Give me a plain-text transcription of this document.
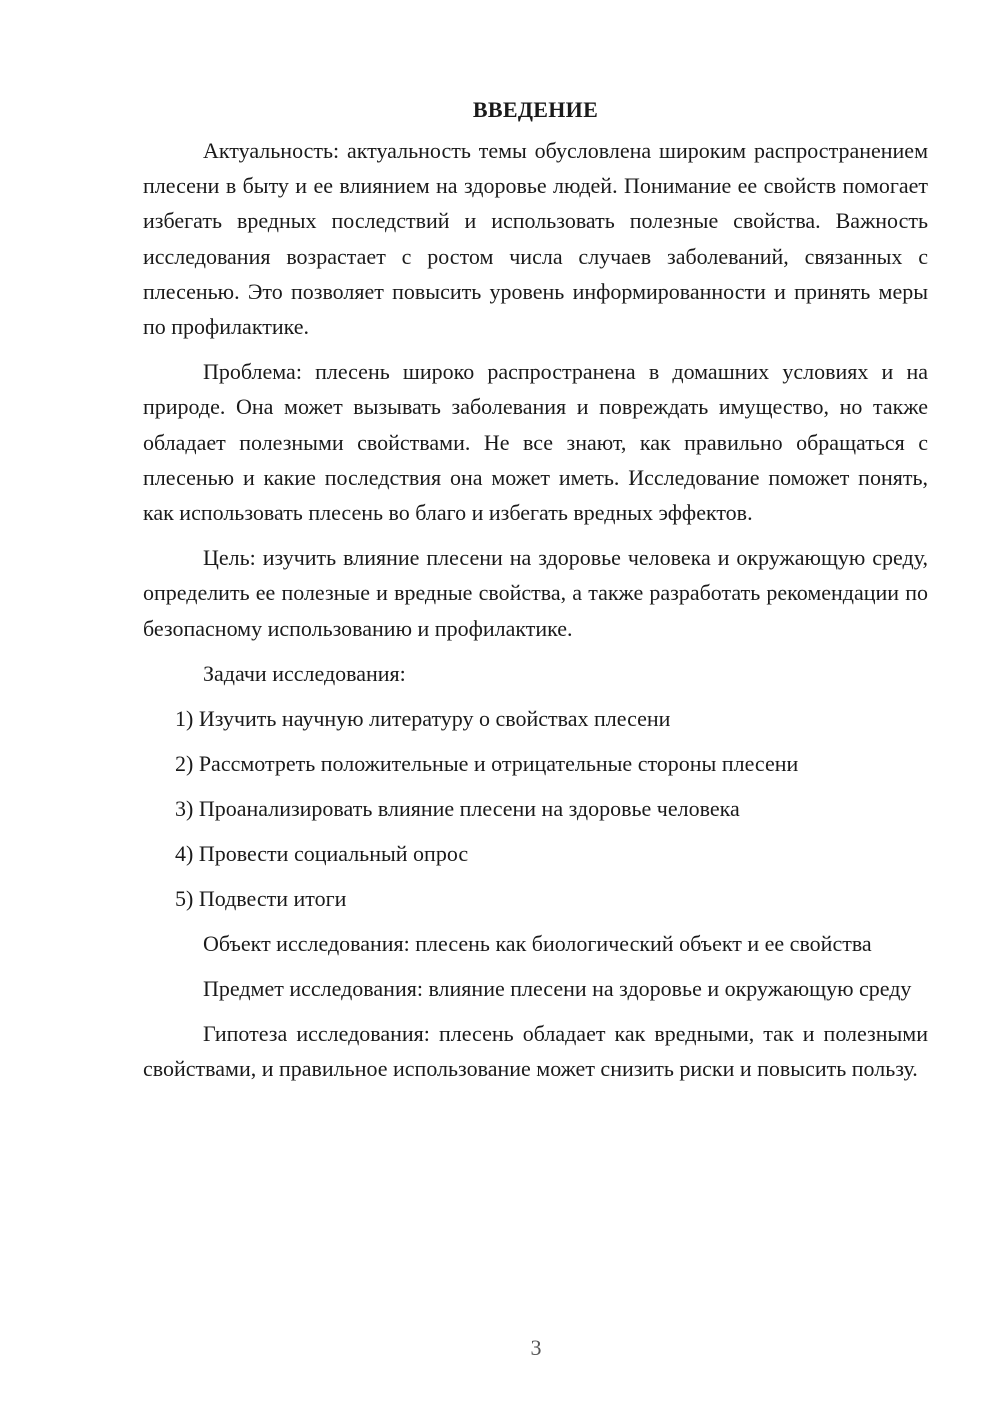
ВВЕДЕНИЕ

Актуальность: актуальность темы обусловлена широким распространением плесени в быту и ее влиянием на здоровье людей. Понимание ее свойств помогает избегать вредных последствий и использовать полезные свойства. Важность исследования возрастает с ростом числа случаев заболеваний, связанных с плесенью. Это позволяет повысить уровень информированности и принять меры по профилактике.

Проблема: плесень широко распространена в домашних условиях и на природе. Она может вызывать заболевания и повреждать имущество, но также обладает полезными свойствами. Не все знают, как правильно обращаться с плесенью и какие последствия она может иметь. Исследование поможет понять, как использовать плесень во благо и избегать вредных эффектов.

Цель: изучить влияние плесени на здоровье человека и окружающую среду, определить ее полезные и вредные свойства, а также разработать рекомендации по безопасному использованию и профилактике.

Задачи исследования:

1) Изучить научную литературу о свойствах плесени
2) Рассмотреть положительные и отрицательные стороны плесени
3) Проанализировать влияние плесени на здоровье человека
4) Провести социальный опрос
5) Подвести итоги

Объект исследования: плесень как биологический объект и ее свойства

Предмет исследования: влияние плесени на здоровье и окружающую среду

Гипотеза исследования: плесень обладает как вредными, так и полезными свойствами, и правильное использование может снизить риски и повысить пользу.

3
